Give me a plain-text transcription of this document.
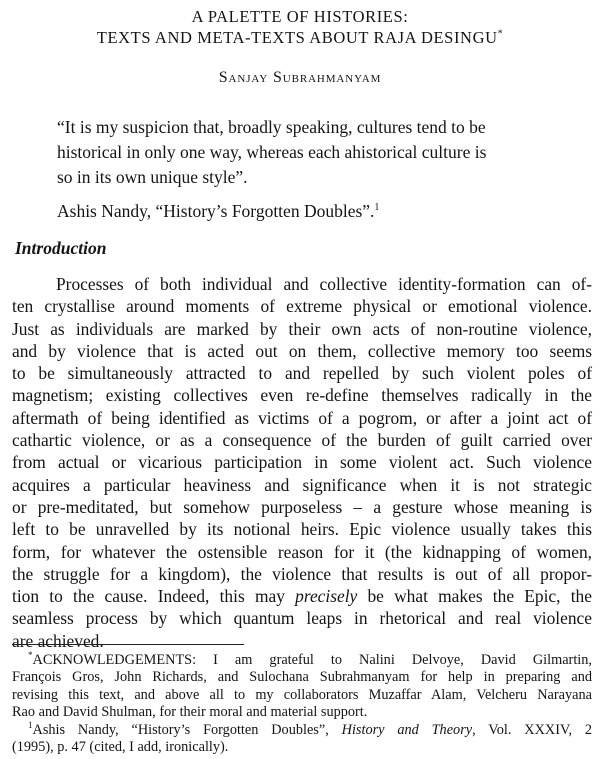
A PALETTE OF HISTORIES:
TEXTS AND META-TEXTS ABOUT RAJA DESINGU*
Sanjay Subrahmanyam
“It is my suspicion that, broadly speaking, cultures tend to be
historical in only one way, whereas each ahistorical culture is
so in its own unique style”.
Ashis Nandy, “History’s Forgotten Doubles”.$^1$
Introduction
Processes of both individual and collective identity-formation can of-
ten crystallise around moments of extreme physical or emotional violence.
Just as individuals are marked by their own acts of non-routine violence,
and by violence that is acted out on them, collective memory too seems
to be simultaneously attracted to and repelled by such violent poles of
magnetism; existing collectives even re-define themselves radically in the
aftermath of being identified as victims of a pogrom, or after a joint act of
cathartic violence, or as a consequence of the burden of guilt carried over
from actual or vicarious participation in some violent act. Such violence
acquires a particular heaviness and significance when it is not strategic
or pre-meditated, but somehow purposeless – a gesture whose meaning is
left to be unravelled by its notional heirs. Epic violence usually takes this
form, for whatever the ostensible reason for it (the kidnapping of women,
the struggle for a kingdom), the violence that results is out of all propor-
tion to the cause. Indeed, this may precisely be what makes the Epic, the
seamless process by which quantum leaps in rhetorical and real violence
are achieved.
*ACKNOWLEDGEMENTS: I am grateful to Nalini Delvoye, David Gilmartin,
François Gros, John Richards, and Sulochana Subrahmanyam for help in preparing and
revising this text, and above all to my collaborators Muzaffar Alam, Velcheru Narayana
Rao and David Shulman, for their moral and material support.
$^1$Ashis Nandy, “History’s Forgotten Doubles”, History and Theory, Vol. XXXIV, 2
(1995), p. 47 (cited, I add, ironically).
